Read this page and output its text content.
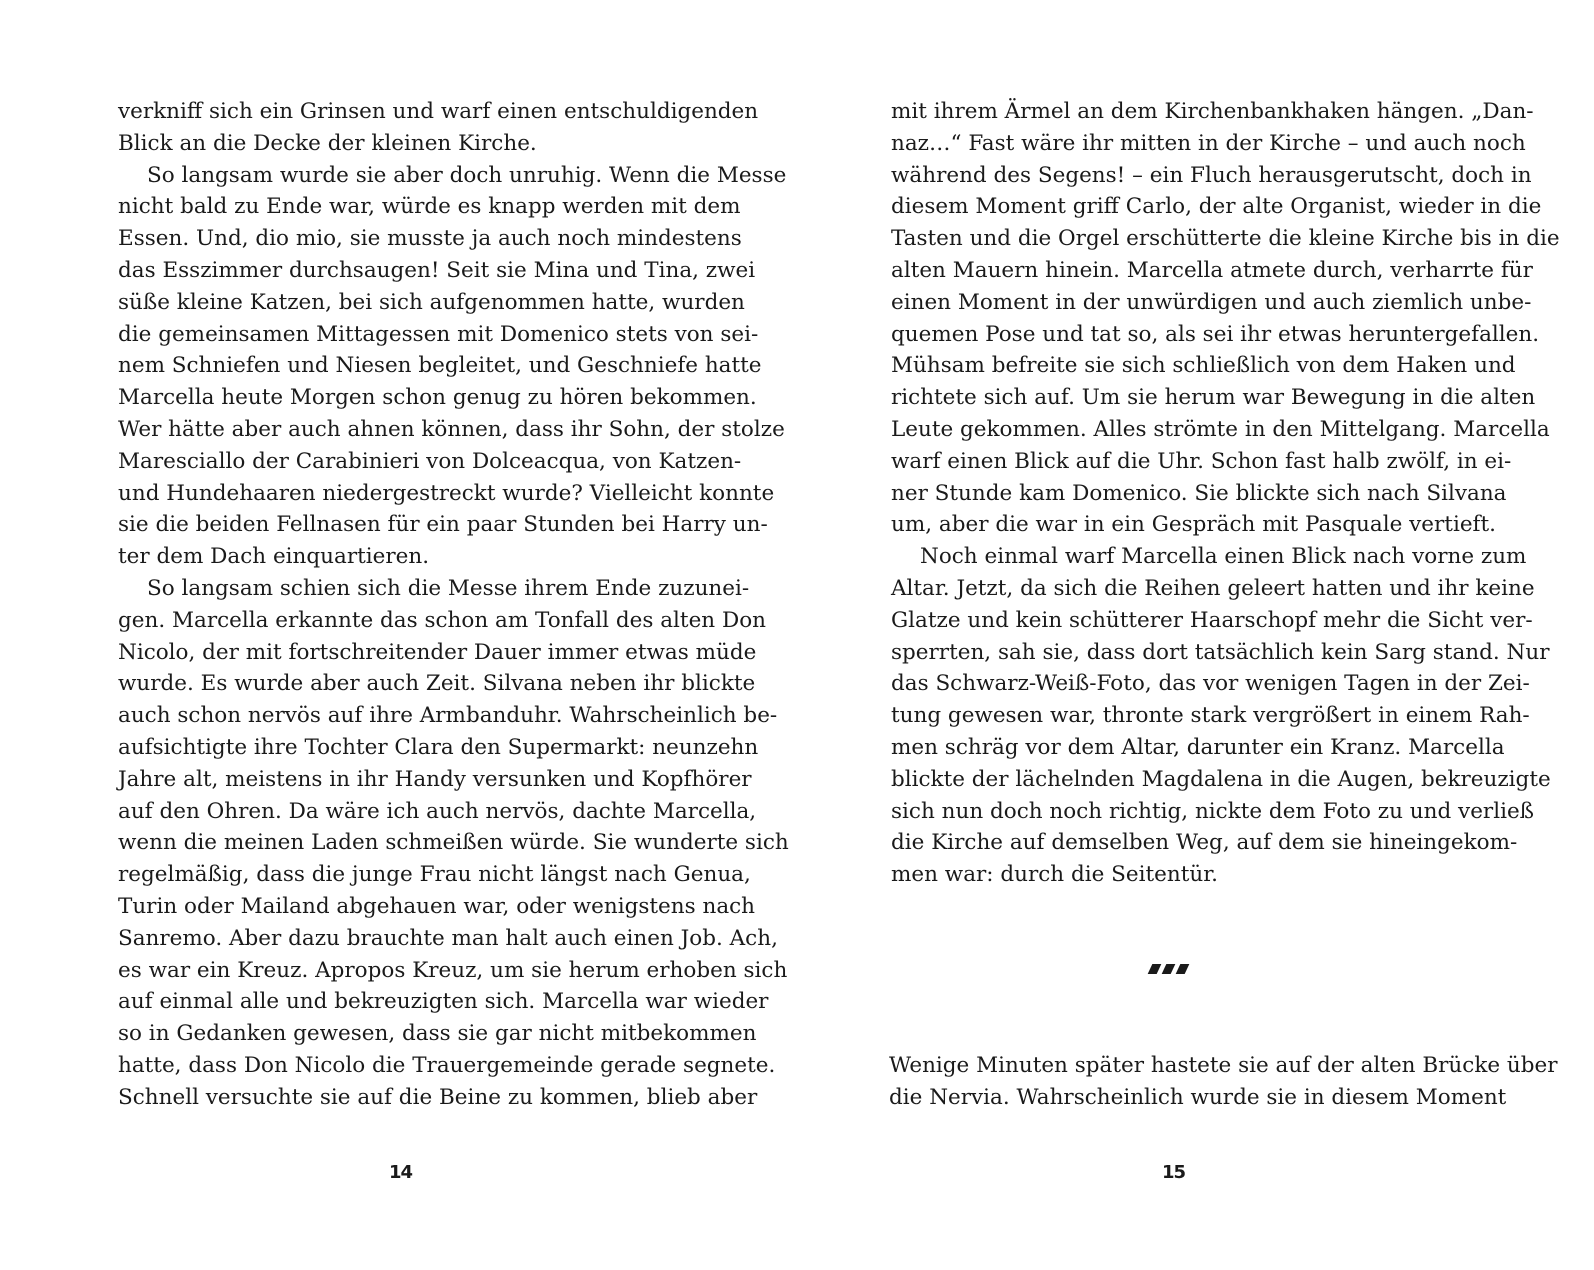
verkniff sich ein Grinsen und warf einen entschuldigenden
Blick an die Decke der kleinen Kirche.
So langsam wurde sie aber doch unruhig. Wenn die Messe
nicht bald zu Ende war, würde es knapp werden mit dem
Essen. Und, dio mio, sie musste ja auch noch mindestens
das Esszimmer durchsaugen! Seit sie Mina und Tina, zwei
süße kleine Katzen, bei sich aufgenommen hatte, wurden
die gemeinsamen Mittagessen mit Domenico stets von sei-
nem Schniefen und Niesen begleitet, und Geschniefe hatte
Marcella heute Morgen schon genug zu hören bekommen.
Wer hätte aber auch ahnen können, dass ihr Sohn, der stolze
Maresciallo der Carabinieri von Dolceacqua, von Katzen-
und Hundehaaren niedergestreckt wurde? Vielleicht konnte
sie die beiden Fellnasen für ein paar Stunden bei Harry un-
ter dem Dach einquartieren.
So langsam schien sich die Messe ihrem Ende zuzunei-
gen. Marcella erkannte das schon am Tonfall des alten Don
Nicolo, der mit fortschreitender Dauer immer etwas müde
wurde. Es wurde aber auch Zeit. Silvana neben ihr blickte
auch schon nervös auf ihre Armbanduhr. Wahrscheinlich be-
aufsichtigte ihre Tochter Clara den Supermarkt: neunzehn
Jahre alt, meistens in ihr Handy versunken und Kopfhörer
auf den Ohren. Da wäre ich auch nervös, dachte Marcella,
wenn die meinen Laden schmeißen würde. Sie wunderte sich
regelmäßig, dass die junge Frau nicht längst nach Genua,
Turin oder Mailand abgehauen war, oder wenigstens nach
Sanremo. Aber dazu brauchte man halt auch einen Job. Ach,
es war ein Kreuz. Apropos Kreuz, um sie herum erhoben sich
auf einmal alle und bekreuzigten sich. Marcella war wieder
so in Gedanken gewesen, dass sie gar nicht mitbekommen
hatte, dass Don Nicolo die Trauergemeinde gerade segnete.
Schnell versuchte sie auf die Beine zu kommen, blieb aber
mit ihrem Ärmel an dem Kirchenbankhaken hängen. „Dan-
naz…“ Fast wäre ihr mitten in der Kirche – und auch noch
während des Segens! – ein Fluch herausgerutscht, doch in
diesem Moment griff Carlo, der alte Organist, wieder in die
Tasten und die Orgel erschütterte die kleine Kirche bis in die
alten Mauern hinein. Marcella atmete durch, verharrte für
einen Moment in der unwürdigen und auch ziemlich unbe-
quemen Pose und tat so, als sei ihr etwas heruntergefallen.
Mühsam befreite sie sich schließlich von dem Haken und
richtete sich auf. Um sie herum war Bewegung in die alten
Leute gekommen. Alles strömte in den Mittelgang. Marcella
warf einen Blick auf die Uhr. Schon fast halb zwölf, in ei-
ner Stunde kam Domenico. Sie blickte sich nach Silvana
um, aber die war in ein Gespräch mit Pasquale vertieft.
Noch einmal warf Marcella einen Blick nach vorne zum
Altar. Jetzt, da sich die Reihen geleert hatten und ihr keine
Glatze und kein schütterer Haarschopf mehr die Sicht ver-
sperrten, sah sie, dass dort tatsächlich kein Sarg stand. Nur
das Schwarz-Weiß-Foto, das vor wenigen Tagen in der Zei-
tung gewesen war, thronte stark vergrößert in einem Rah-
men schräg vor dem Altar, darunter ein Kranz. Marcella
blickte der lächelnden Magdalena in die Augen, bekreuzigte
sich nun doch noch richtig, nickte dem Foto zu und verließ
die Kirche auf demselben Weg, auf dem sie hineingekom-
men war: durch die Seitentür.
Wenige Minuten später hastete sie auf der alten Brücke über
die Nervia. Wahrscheinlich wurde sie in diesem Moment
14	15
